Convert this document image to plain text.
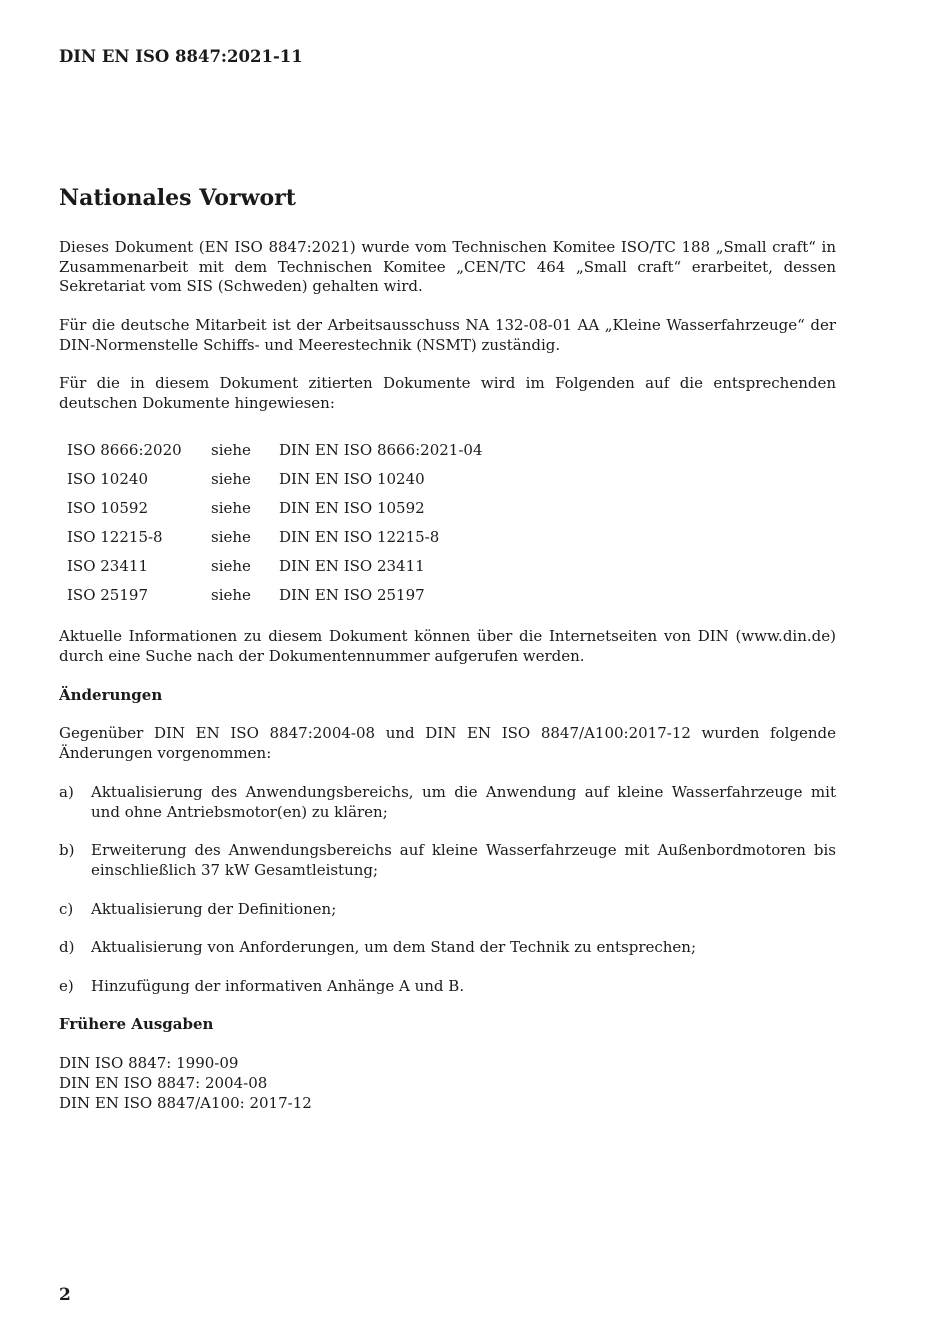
DIN EN ISO 8847:2021-11
Nationales Vorwort

Dieses Dokument (EN ISO 8847:2021) wurde vom Technischen Komitee ISO/TC 188 „Small craft“ in Zusammenarbeit mit dem Technischen Komitee „CEN/TC 464 „Small craft“ erarbeitet, dessen Sekretariat vom SIS (Schweden) gehalten wird.

Für die deutsche Mitarbeit ist der Arbeitsausschuss NA 132-08-01 AA „Kleine Wasserfahrzeuge“ der DIN-Normenstelle Schiffs- und Meerestechnik (NSMT) zuständig.

Für die in diesem Dokument zitierten Dokumente wird im Folgenden auf die entsprechenden deutschen Dokumente hingewiesen:

ISO 8666:2020	siehe	DIN EN ISO 8666:2021-04
ISO 10240	siehe	DIN EN ISO 10240
ISO 10592	siehe	DIN EN ISO 10592
ISO 12215-8	siehe	DIN EN ISO 12215-8
ISO 23411	siehe	DIN EN ISO 23411
ISO 25197	siehe	DIN EN ISO 25197

Aktuelle Informationen zu diesem Dokument können über die Internetseiten von DIN (www.din.de) durch eine Suche nach der Dokumentennummer aufgerufen werden.

Änderungen

Gegenüber DIN EN ISO 8847:2004-08 und DIN EN ISO 8847/A100:2017-12 wurden folgende Änderungen vorgenommen:

a) Aktualisierung des Anwendungsbereichs, um die Anwendung auf kleine Wasserfahrzeuge mit und ohne Antriebsmotor(en) zu klären;
b) Erweiterung des Anwendungsbereichs auf kleine Wasserfahrzeuge mit Außenbordmotoren bis einschließlich 37 kW Gesamtleistung;
c) Aktualisierung der Definitionen;
d) Aktualisierung von Anforderungen, um dem Stand der Technik zu entsprechen;
e) Hinzufügung der informativen Anhänge A und B.
Frühere Ausgaben
DIN ISO 8847: 1990-09
DIN EN ISO 8847: 2004-08
DIN EN ISO 8847/A100: 2017-12
2
